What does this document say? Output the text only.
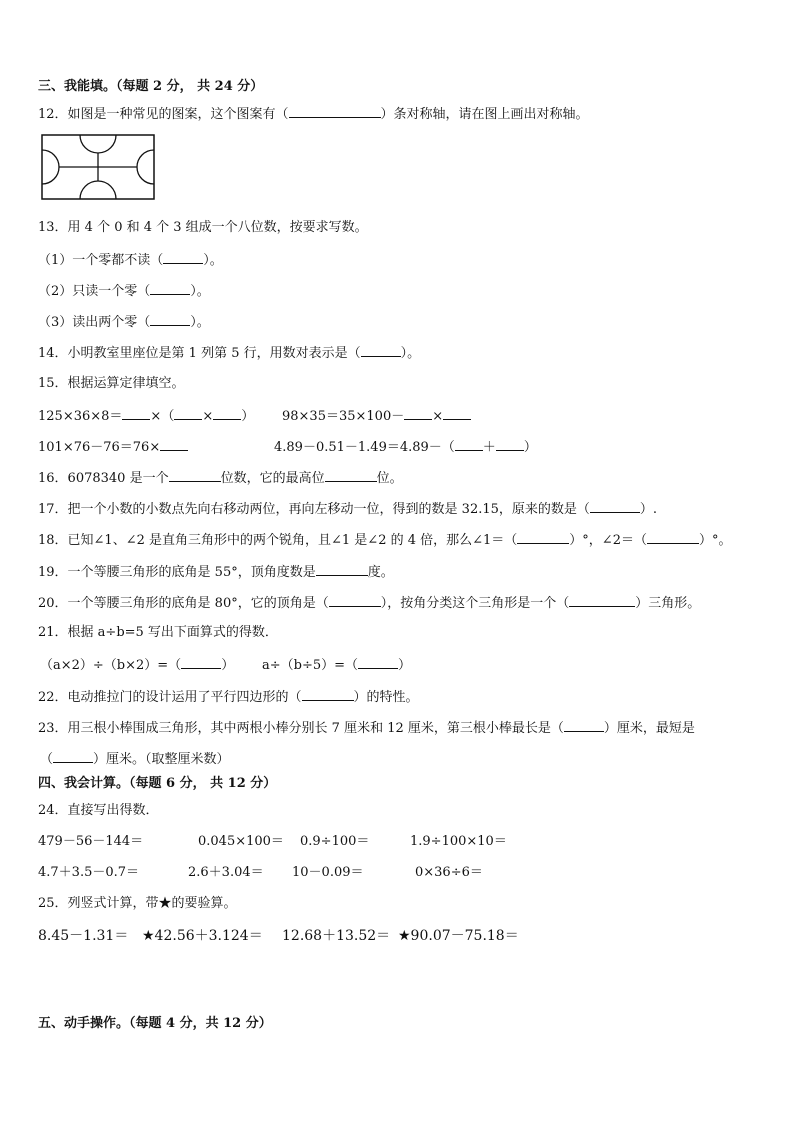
三、我能填。（每题 2 分， 共 24 分）
12．如图是一种常见的图案，这个图案有（	）条对称轴，请在图上画出对称轴。
13．用 4 个 0 和 4 个 3 组成一个八位数，按要求写数。
（1）一个零都不读（	）。
（2）只读一个零（	）。
（3）读出两个零（	）。
14．小明教室里座位是第 1 列第 5 行，用数对表示是（	）。
15．根据运算定律填空。
125×36×8＝ ×（ × ） 98×35＝35×100－ ×
101×76－76＝76×	4.89－0.51－1.49＝4.89－（ ＋ ）
16．6078340 是一个	位数，它的最高位	位。
17．把一个小数的小数点先向右移动两位，再向左移动一位，得到的数是 32.15，原来的数是（	）.
18．已知∠1、∠2 是直角三角形中的两个锐角，且∠1 是∠2 的 4 倍，那么∠1＝（	）°，∠2＝（	）°。
19．一个等腰三角形的底角是 55°，顶角度数是	度。
20．一个等腰三角形的底角是 80°，它的顶角是（	），按角分类这个三角形是一个（	）三角形。
21．根据 a÷b=5 写出下面算式的得数．
（a×2）÷（b×2）=（	） a÷（b÷5）=（	）
22．电动推拉门的设计运用了平行四边形的（	）的特性。
23．用三根小棒围成三角形，其中两根小棒分别长 7 厘米和 12 厘米，第三根小棒最长是（	）厘米，最短是
（	）厘米。（取整厘米数）
四、我会计算。（每题 6 分， 共 12 分）
24．直接写出得数．
479－56－144＝	0.045×100＝ 0.9÷100＝	1.9÷100×10＝
4.7＋3.5－0.7＝	2.6＋3.04＝ 10－0.09＝	0×36÷6＝
25．列竖式计算，带★的要验算。
8.45－1.31＝ ★42.56＋3.124＝ 12.68＋13.52＝ ★90.07－75.18＝
五、动手操作。（每题 4 分，共 12 分）
